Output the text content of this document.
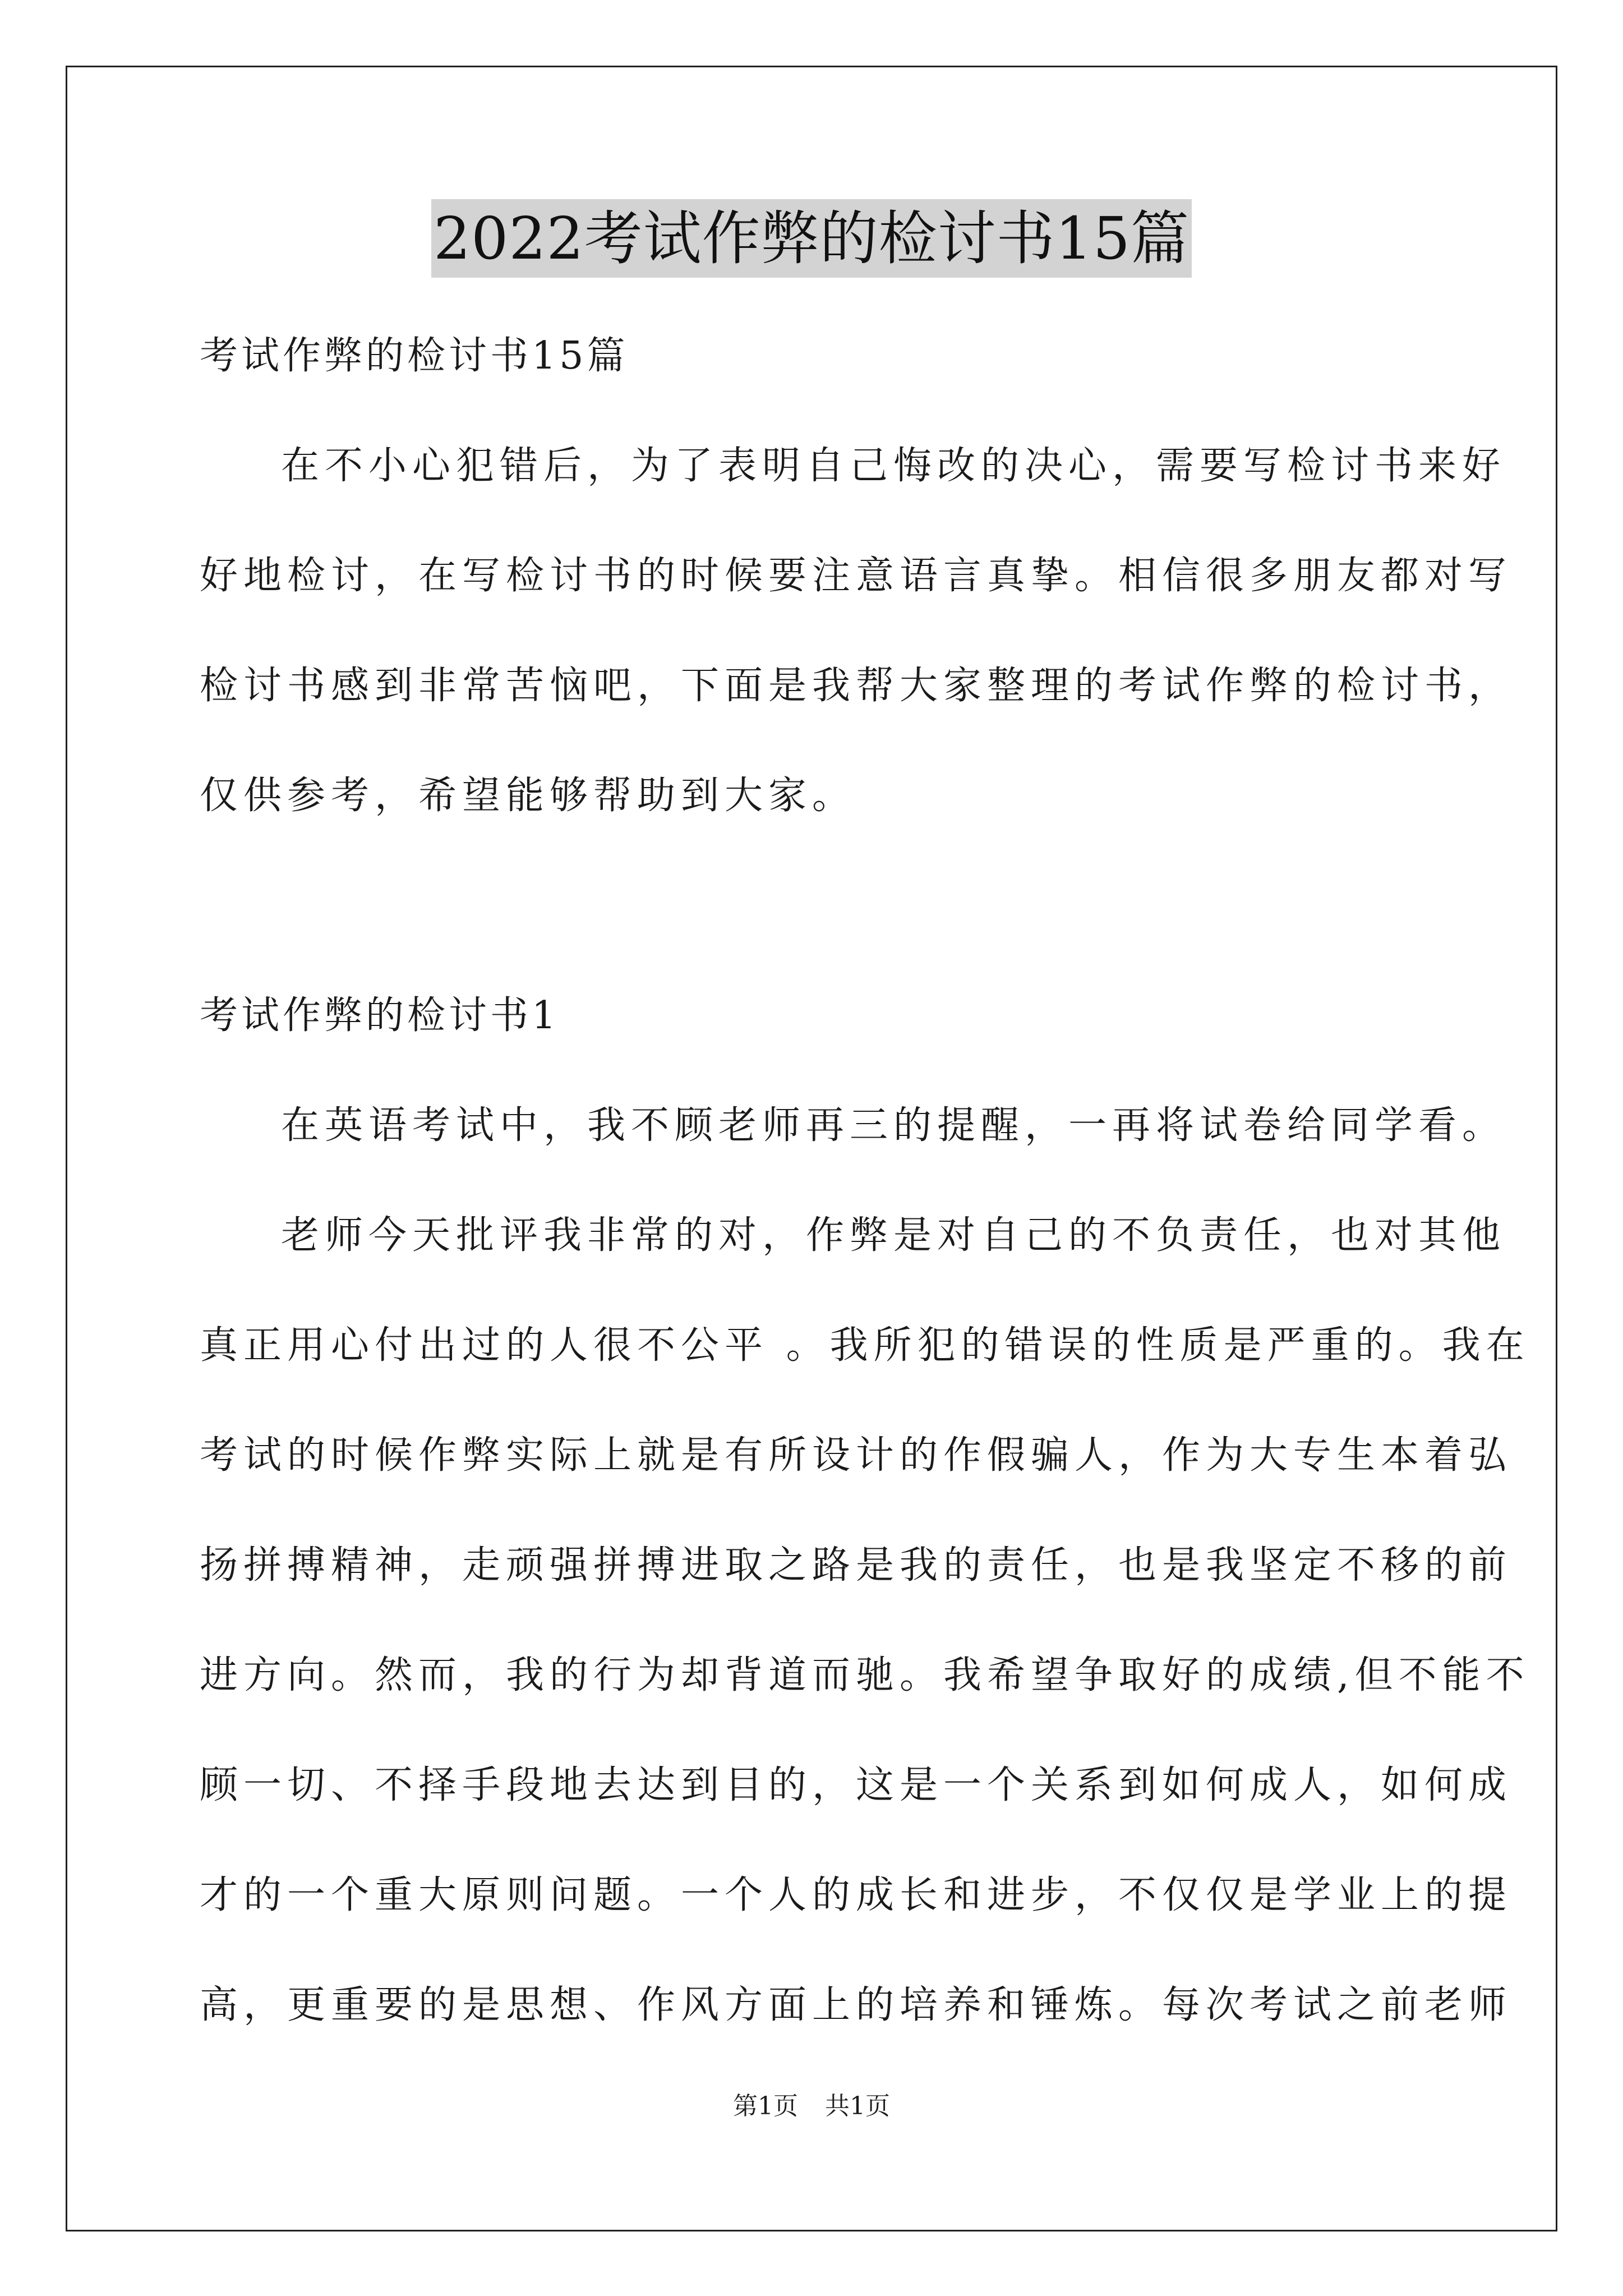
2022考试作弊的检讨书15篇
考试作弊的检讨书15篇
在不小心犯错后，为了表明自己悔改的决心，需要写检讨书来好
好地检讨，在写检讨书的时候要注意语言真挚。相信很多朋友都对写
检讨书感到非常苦恼吧，下面是我帮大家整理的考试作弊的检讨书，
仅供参考，希望能够帮助到大家。
考试作弊的检讨书1
在英语考试中，我不顾老师再三的提醒，一再将试卷给同学看。
老师今天批评我非常的对，作弊是对自己的不负责任，也对其他
真正用心付出过的人很不公平 。我所犯的错误的性质是严重的。我在
考试的时候作弊实际上就是有所设计的作假骗人，作为大专生本着弘
扬拼搏精神，走顽强拼搏进取之路是我的责任，也是我坚定不移的前
进方向。然而，我的行为却背道而驰。我希望争取好的成绩,但不能不
顾一切、不择手段地去达到目的，这是一个关系到如何成人，如何成
才的一个重大原则问题。一个人的成长和进步，不仅仅是学业上的提
高，更重要的是思想、作风方面上的培养和锤炼。每次考试之前老师
第1页 共1页
